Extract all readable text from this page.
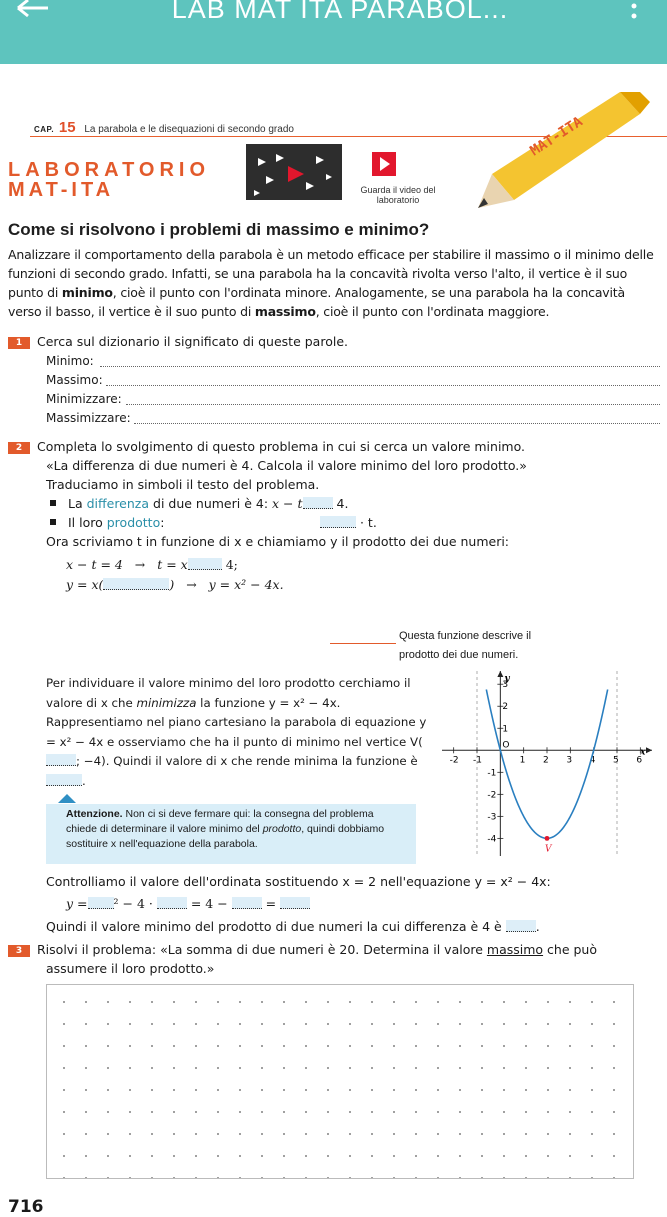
LAB MAT ITA PARABOL...
CAP. 15 La parabola e le disequazioni di secondo grado
LABORATORIO
MAT-ITA	Guarda il video del laboratorio
MAT-ITA
Come si risolvono i problemi di massimo e minimo?
Analizzare il comportamento della parabola è un metodo efficace per stabilire il massimo o il minimo delle funzioni di secondo grado. Infatti, se una parabola ha la concavità rivolta verso l'alto, il vertice è il suo punto di minimo, cioè il punto con l'ordinata minore. Analogamente, se una parabola ha la concavità verso il basso, il vertice è il suo punto di massimo, cioè il punto con l'ordinata maggiore.
1 Cerca sul dizionario il significato di queste parole.
Minimo:
Massimo:
Minimizzare:
Massimizzare:
2 Completa lo svolgimento di questo problema in cui si cerca un valore minimo.
«La differenza di due numeri è 4. Calcola il valore minimo del loro prodotto.»
Traduciamo in simboli il testo del problema.
La differenza di due numeri è 4: x − t	4.
Il loro prodotto:	· t.
Ora scriviamo t in funzione di x e chiamiamo y il prodotto dei due numeri:
x − t = 4 → t = x	4;
y = x(	) → y = x² − 4x.
Questa funzione descrive il
prodotto dei due numeri.
Per individuare il valore minimo del loro prodotto cerchiamo il valore di x che minimizza la funzione y = x² − 4x. Rappresentiamo nel piano cartesiano la parabola di equazione y = x² − 4x e osserviamo che ha il punto di minimo nel vertice V(; −4). Quindi il valore di x che rende minima la funzione è .
Attenzione. Non ci si deve fermare qui: la consegna del problema chiede di determinare il valore minimo del prodotto, quindi dobbiamo sostituire x nell'equazione della parabola.
x
y
-2 -1
O
1 2 3 4 5 6
3
2
1
-1
-2
-3
-4
V
Controlliamo il valore dell'ordinata sostituendo x = 2 nell'equazione y = x² − 4x:
y = ² − 4 ·	= 4 −	=
Quindi il valore minimo del prodotto di due numeri la cui differenza è 4 è	.
3 Risolvi il problema: «La somma di due numeri è 20. Determina il valore massimo che può
assumere il loro prodotto.»
716
